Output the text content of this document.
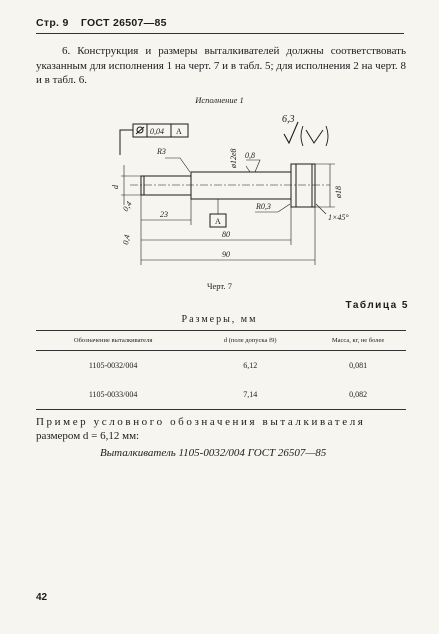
Стр. 9 ГОСТ 26507—85
6. Конструкция и размеры выталкивателей должны соответствовать указанным для исполнения 1 на черт. 7 и в табл. 5; для исполнения 2 на черт. 8 и в табл. 6.
Исполнение 1
0,04 A
6,3
R3	ø12e8 0,8
R0,3
ø18
1×45°
d
0,4
0,4
23
A
80
90
Черт. 7
Таблица 5
Размеры, мм
Обозначение выталкивателя	d (поле допуска f9)	Масса, кг, не более
1105-0032/004	6,12	0,081
1105-0033/004	7,14	0,082
Пример условного обозначения выталкивателя
размером d = 6,12 мм:
Выталкиватель 1105-0032/004 ГОСТ 26507—85
42
